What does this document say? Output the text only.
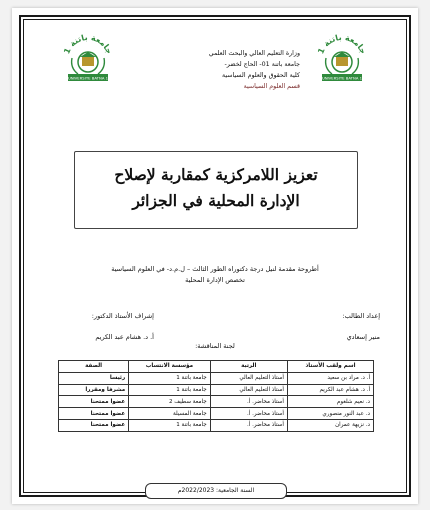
جامعة باتنة 1
UNIVERSITE BATNA 1
جامعة باتنة 1
UNIVERSITE BATNA 1
وزارة التعليم العالي والبحث العلمي
جامعة باتنة 01- الحاج لخضر-
كلية الحقوق والعلوم السياسية
قسم العلوم السياسية
تعزيز اللامركزية كمقاربة لإصلاح
الإدارة المحلية في الجزائر
أطروحة مقدمة لنيل درجة دكتوراه الطور الثالث – ل.م.د- في العلوم السياسية
تخصص الإدارة المحلية
إعداد الطالب:
منير إسعادي
إشراف الأستاذ الدكتور:
أ. د. هشام عبد الكريم
لجنة المناقشة:
اسم ولقب الأستاذ	الرتبة	مؤسسة الانتساب	الصفة
أ. د. مراد بن سعيد	أستاذ التعليم العالي	جامعة باتنة 1	رئيسا
أ. د. هشام عبد الكريم	أستاذ التعليم العالي	جامعة باتنة 1	مشرفا ومقررا
د. نعيم شلغوم	أستاذ محاضر. أ.	جامعة سطيف 2	عضوا ممتحنا
د. عبد النور منصوري	أستاذ محاضر. أ.	جامعة المسيلة	عضوا ممتحنا
د. نزيهة عمران	أستاذ محاضر. أ.	جامعة باتنة 1	عضوا ممتحنا
السنة الجامعية: 2022/2023م
